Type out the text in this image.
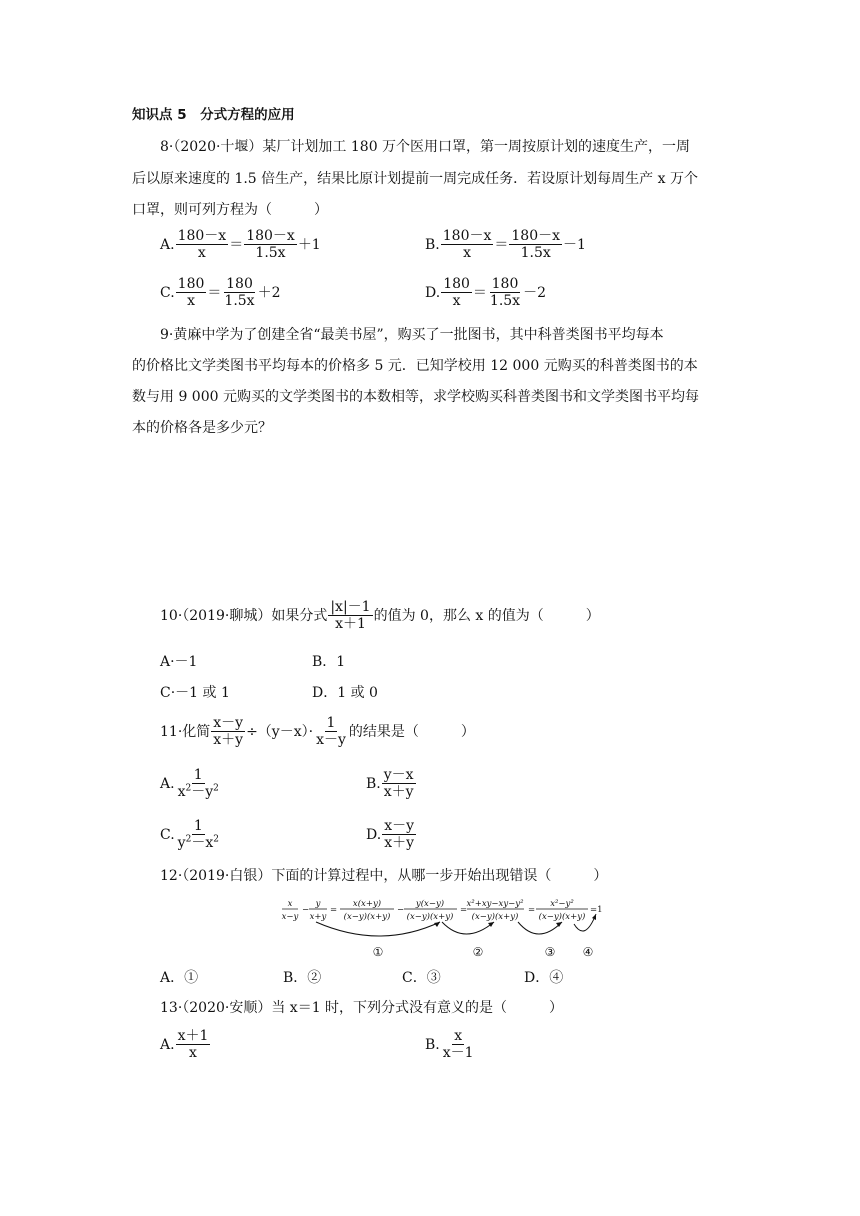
知识点 5　分式方程的应用
8·（2020·十堰）某厂计划加工 180 万个医用口罩，第一周按原计划的速度生产，一周
后以原来速度的 1.5 倍生产，结果比原计划提前一周完成任务．若设原计划每周生产 x 万个
口罩，则可列方程为（　　　）
A. $\frac{180-x}{x} = \frac{180-x}{1.5x} +1$	B. $\frac{180-x}{x} = \frac{180-x}{1.5x} -1$
C. $\frac{180}{x} = \frac{180}{1.5x} +2$	D. $\frac{180}{x} = \frac{180}{1.5x} -2$
9·黄麻中学为了创建全省“最美书屋”，购买了一批图书，其中科普类图书平均每本
的价格比文学类图书平均每本的价格多 5 元．已知学校用 12 000 元购买的科普类图书的本
数与用 9 000 元购买的文学类图书的本数相等，求学校购买科普类图书和文学类图书平均每
本的价格各是多少元？
10·（2019·聊城）如果分式 $\frac{|x|-1}{x+1}$ 的值为 0，那么 x 的值为（　　　）
A·－1	B．1
C·－1 或 1	D．1 或 0
11·化简 $\frac{x-y}{x+y} \div(y-x)\cdot \frac{1}{x-y}$ 的结果是（　　　）
A. $\frac{1}{x^2-y^2}$	B. $\frac{y-x}{x+y}$
C. $\frac{1}{y^2-x^2}$	D. $\frac{x-y}{x+y}$
12·（2019·白银）下面的计算过程中，从哪一步开始出现错误（　　　）
x
x−y
−
y
x+y
=
x(x+y)
(x−y)(x+y)
−
y(x−y)
(x−y)(x+y)
=
x²+xy−xy−y²
(x−y)(x+y)
=
x²−y²
(x−y)(x+y)
=1
①	②	③ ④
A．①	B．②	C．③	D．④
13·（2020·安顺）当 x＝1 时，下列分式没有意义的是（　　　）
A. $\frac{x+1}{x}$	B. $\frac{x}{x-1}$
